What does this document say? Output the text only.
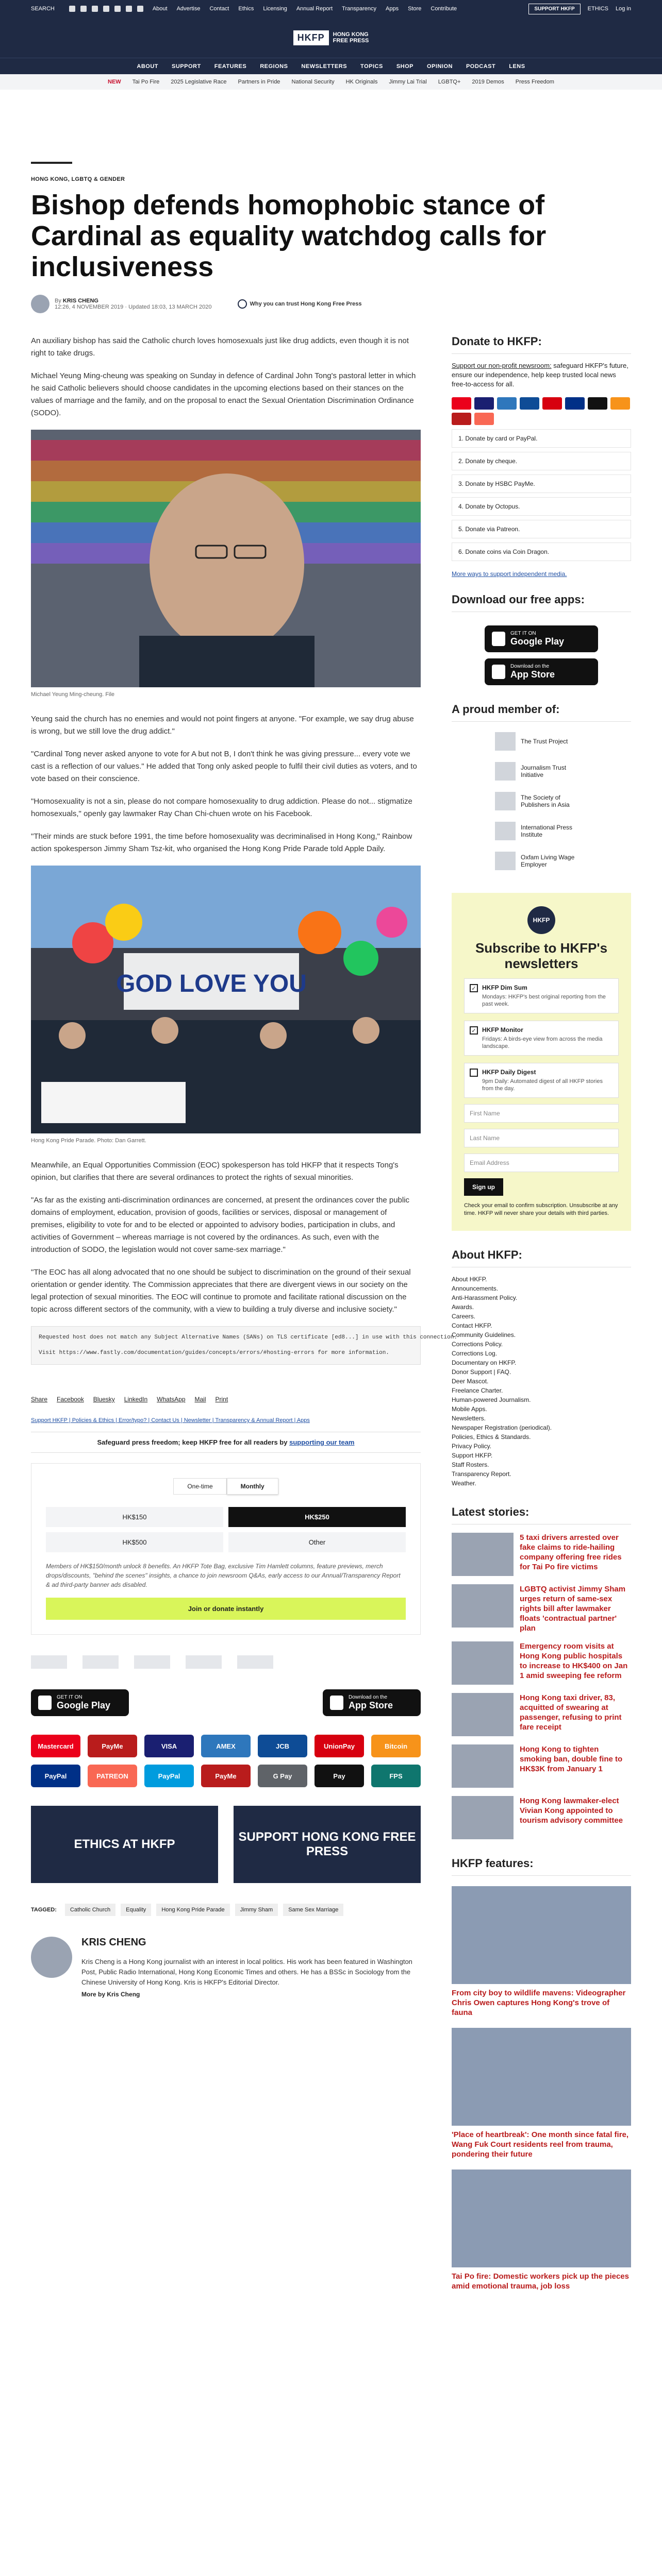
SEARCH	About Advertise Contact Ethics Licensing Annual Report Transparency Apps Store Contribute	SUPPORT HKFP	ETHICS Log in
HKFP	HONG KONG
FREE PRESS
ABOUT SUPPORT FEATURES REGIONS NEWSLETTERS TOPICS SHOP OPINION PODCAST LENS
NEW Tai Po Fire 2025 Legislative Race Partners in Pride National Security HK Originals Jimmy Lai Trial LGBTQ+ 2019 Demos Press Freedom
HONG KONG, LGBTQ & GENDER
Bishop defends homophobic stance of Cardinal as equality watchdog calls for inclusiveness
By KRIS CHENG
12:26, 4 NOVEMBER 2019 · Updated 18:03, 13 MARCH 2020	Why you can trust Hong Kong Free Press

An auxiliary bishop has said the Catholic church loves homosexuals just like drug addicts, even though it is not right to take drugs.

Michael Yeung Ming-cheung was speaking on Sunday in defence of Cardinal John Tong's pastoral letter in which he said Catholic believers should choose candidates in the upcoming elections based on their stances on the values of marriage and the family, and on the proposal to enact the Sexual Orientation Discrimination Ordinance (SODO).

Michael Yeung Ming-cheung. File

Yeung said the church has no enemies and would not point fingers at anyone. "For example, we say drug abuse is wrong, but we still love the drug addict."

"Cardinal Tong never asked anyone to vote for A but not B, I don't think he was giving pressure... every vote we cast is a reflection of our values." He added that Tong only asked people to fulfil their civil duties as voters, and to vote based on their conscience.

"Homosexuality is not a sin, please do not compare homosexuality to drug addiction. Please do not... stigmatize homosexuals," openly gay lawmaker Ray Chan Chi-chuen wrote on his Facebook.

"Their minds are stuck before 1991, the time before homosexuality was decriminalised in Hong Kong," Rainbow action spokesperson Jimmy Sham Tsz-kit, who organised the Hong Kong Pride Parade told Apple Daily.

GOD LOVE YOU
Hong Kong Pride Parade. Photo: Dan Garrett.

Meanwhile, an Equal Opportunities Commission (EOC) spokesperson has told HKFP that it respects Tong's opinion, but clarifies that there are several ordinances to protect the rights of sexual minorities.

"As far as the existing anti-discrimination ordinances are concerned, at present the ordinances cover the public domains of employment, education, provision of goods, facilities or services, disposal or management of premises, eligibility to vote for and to be elected or appointed to advisory bodies, participation in clubs, and activities of Government – whereas marriage is not covered by the ordinances. As such, even with the introduction of SODO, the legislation would not cover same-sex marriage."

"The EOC has all along advocated that no one should be subject to discrimination on the ground of their sexual orientation or gender identity. The Commission appreciates that there are divergent views in our society on the legal protection of sexual minorities. The EOC will continue to promote and facilitate rational discussion on the topic across different sectors of the community, with a view to building a truly diverse and inclusive society."

Requested host does not match any Subject Alternative Names (SANs) on TLS certificate [ed8...] in use with this connection.

Visit https://www.fastly.com/documentation/guides/concepts/errors/#hosting-errors for more information.
Share Facebook Bluesky LinkedIn WhatsApp Mail Print
Support HKFP | Policies & Ethics | Error/typo? | Contact Us | Newsletter | Transparency & Annual Report | Apps
Safeguard press freedom; keep HKFP free for all readers by supporting our team
One-time	Monthly
HK$150	HK$250
HK$500	Other
Members of HK$150/month unlock 8 benefits. An HKFP Tote Bag, exclusive Tim Hamlett columns, feature previews, merch drops/discounts, "behind the scenes" insights, a chance to join newsroom Q&As, early access to our Annual/Transparency Report & ad third-party banner ads disabled.
Join or donate instantly
GET IT ON
Google Play
Download on the
App Store
Mastercard	PayMe	VISA	AMEX	JCB	UnionPay	Bitcoin
PayPal	PATREON	PayPal	PayMe	G Pay	Pay	FPS
ETHICS AT HKFP
SUPPORT HONG KONG FREE PRESS
TAGGED:	Catholic Church	Equality	Hong Kong Pride Parade	Jimmy Sham	Same Sex Marriage
KRIS CHENG

Kris Cheng is a Hong Kong journalist with an interest in local politics. His work has been featured in Washington Post, Public Radio International, Hong Kong Economic Times and others. He has a BSSc in Sociology from the Chinese University of Hong Kong. Kris is HKFP's Editorial Director.

More by Kris Cheng
Donate to HKFP:
Support our non-profit newsroom: safeguard HKFP's future, ensure our independence, help keep trusted local news free-to-access for all.
1. Donate by card or PayPal.
2. Donate by cheque.
3. Donate by HSBC PayMe.
4. Donate by Octopus.
5. Donate via Patreon.
6. Donate coins via Coin Dragon.
More ways to support independent media.
Download our free apps:
GET IT ON
Google Play
Download on the
App Store
A proud member of:
The Trust Project
Journalism Trust Initiative
The Society of Publishers in Asia
International Press Institute
Oxfam Living Wage Employer
HKFP
Subscribe to HKFP's newsletters
✓ HKFP Dim Sum
Mondays: HKFP's best original reporting from the past week.
✓ HKFP Monitor
Fridays: A birds-eye view from across the media landscape.
HKFP Daily Digest
9pm Daily: Automated digest of all HKFP stories from the day.
First Name
Last Name
Email Address
Sign up
Check your email to confirm subscription. Unsubscribe at any time. HKFP will never share your details with third parties.
About HKFP:
About HKFP.
Announcements.
Anti-Harassment Policy.
Awards.
Careers.
Contact HKFP.
Community Guidelines.
Corrections Policy.
Corrections Log.
Documentary on HKFP.
Donor Support | FAQ.
Deer Mascot.
Freelance Charter.
Human-powered Journalism.
Mobile Apps.
Newsletters.
Newspaper Registration (periodical).
Policies, Ethics & Standards.
Privacy Policy.
Support HKFP.
Staff Rosters.
Transparency Report.
Weather.
Latest stories:
5 taxi drivers arrested over fake claims to ride-hailing company offering free rides for Tai Po fire victims
LGBTQ activist Jimmy Sham urges return of same-sex rights bill after lawmaker floats 'contractual partner' plan
Emergency room visits at Hong Kong public hospitals to increase to HK$400 on Jan 1 amid sweeping fee reform
Hong Kong taxi driver, 83, acquitted of swearing at passenger, refusing to print fare receipt
Hong Kong to tighten smoking ban, double fine to HK$3K from January 1
Hong Kong lawmaker-elect Vivian Kong appointed to tourism advisory committee
HKFP features:
From city boy to wildlife mavens: Videographer Chris Owen captures Hong Kong's trove of fauna
'Place of heartbreak': One month since fatal fire, Wang Fuk Court residents reel from trauma, pondering their future
Tai Po fire: Domestic workers pick up the pieces amid emotional trauma, job loss
